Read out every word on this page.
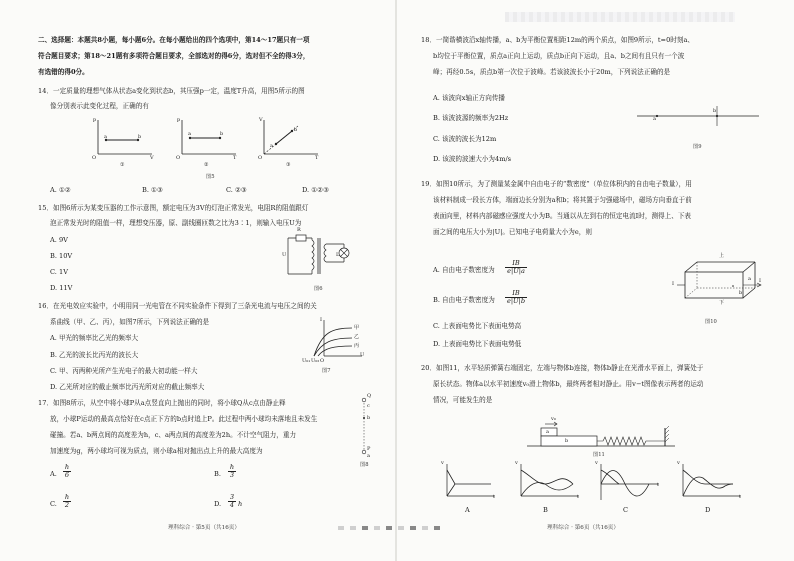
二、选择题：本题共8小题，每小题6分。在每小题给出的四个选项中，第14～17题只有一项
符合题目要求；第18～21题有多项符合题目要求，全部选对的得6分，选对但不全的得3分，
有选错的得0分。
14．一定质量的理想气体从状态a变化到状态b，其压强p一定，温度T升高，用图5所示的图
像分别表示此变化过程，正确的有
p
V
O
a	b
①
p
T
O
a	b
②
V
T
O
a
b
③
图5
A. ①②	B. ①③	C. ②③	D. ①②③
15．如图6所示为某变压器的工作示意图，额定电压为3V的灯泡正常发光，电阻R的阻值跟灯
泡正常发光时的阻值一样，理想变压器，原、副线圈匝数之比为3∶1，则输入电压U为
A. 9V
B. 10V
C. 1V
D. 11V
R
U	L
图6
16．在光电效应实验中，小明用同一光电管在不同实验条件下得到了三条光电流与电压之间的关
系曲线（甲、乙、丙），如图7所示，下列说法正确的是
A. 甲光的频率比乙光的频率大
B. 乙光的波长比丙光的波长大
C. 甲、丙两种光所产生光电子的最大初动能一样大
D. 乙光所对应的截止频率比丙光所对应的截止频率大
甲
乙
丙
I
U
O
U₀₁ U₀₂
图7
17．如图8所示，从空中将小球P从a点竖直向上抛出的同时，将小球Q从c点由静止释
放，小球P运动的最高点恰好在c点正下方的b点时追上P。此过程中两小球均未落地且未发生
碰撞。若a、b两点间的高度差为h，c、a两点间的高度差为2h。不计空气阻力，重力
加速度为g，两小球均可视为质点，则小球a相对抛出点上升的最大高度为
Q
c
b
P
a
图8
A. $\frac{h}{6}$	B. $\frac{h}{3}$
C. $\frac{h}{2}$	D. $\frac{3}{4}$ h
理科综合 · 第5页（共16页）
18．一简谐横波沿x轴传播，a、b为平衡位置相距12m的两个质点，如图9所示，t=0时刻a、
b均位于平衡位置，质点a正向上运动，质点b正向下运动，且a、b之间有且只有一个波
峰；再经0.5s，质点b第一次位于波峰。若该波波长小于20m，下列说法正确的是
A. 该波向x轴正方向传播
B. 该波波源的频率为2Hz
C. 该波的波长为12m
D. 该波的波速大小为4m/s
a
b
图9
19．如图10所示，为了测量某金属中自由电子的“数密度”（单位体积内的自由电子数量），用
该材料制成一段长方体，端面边长分别为a和b；将其置于匀强磁场中，磁场方向垂直于前
表面向里，材料内部磁感应强度大小为B。当通以从左到右的恒定电流I时，测得上、下表
面之间的电压大小为|U|。已知电子电荷量大小为e，则
A. 自由电子数密度为 $\frac{IB}{e|U|a}$
B. 自由电子数密度为 $\frac{IB}{e|U|b}$
C. 上表面电势比下表面电势高
D. 上表面电势比下表面电势低
上
下
I	I
a
b
图10
20．如图11，水平轻质弹簧右端固定，左端与物体b连接，物体b静止在光滑水平面上，弹簧处于
原长状态。物体a以水平初速度v₀滑上物体b，最终两者相对静止。用v−t图像表示两者的运动
情况，可能发生的是
v₀
a
b
图11
v
t
v
t
v
t
v
t
A	B	C	D
理科综合 · 第6页（共16页）
